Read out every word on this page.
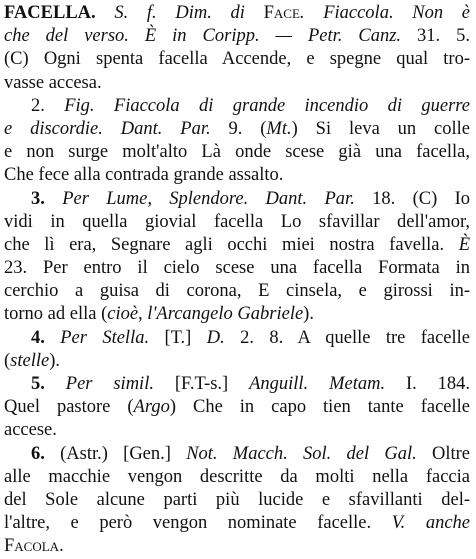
FACELLA. S. f. Dim. di Face. Fiaccola. Non è
che del verso. È in Coripp. — Petr. Canz. 31. 5.
(C) Ogni spenta facella Accende, e spegne qual tro-
vasse accesa.
2. Fig. Fiaccola di grande incendio di guerre
e discordie. Dant. Par. 9. (Mt.) Si leva un colle
e non surge molt'alto Là onde scese già una facella,
Che fece alla contrada grande assalto.
3. Per Lume, Splendore. Dant. Par. 18. (C) Io
vidi in quella giovial facella Lo sfavillar dell'amor,
che lì era, Segnare agli occhi miei nostra favella. È
23. Per entro il cielo scese una facella Formata in
cerchio a guisa di corona, E cinsela, e girossi in-
torno ad ella (cioè, l'Arcangelo Gabriele).
4. Per Stella. [T.] D. 2. 8. A quelle tre facelle
(stelle).
5. Per simil. [F.T-s.] Anguill. Metam. I. 184.
Quel pastore (Argo) Che in capo tien tante facelle
accese.
6. (Astr.) [Gen.] Not. Macch. Sol. del Gal. Oltre
alle macchie vengon descritte da molti nella faccia
del Sole alcune parti più lucide e sfavillanti del-
l'altre, e però vengon nominate facelle. V. anche
Facola.
